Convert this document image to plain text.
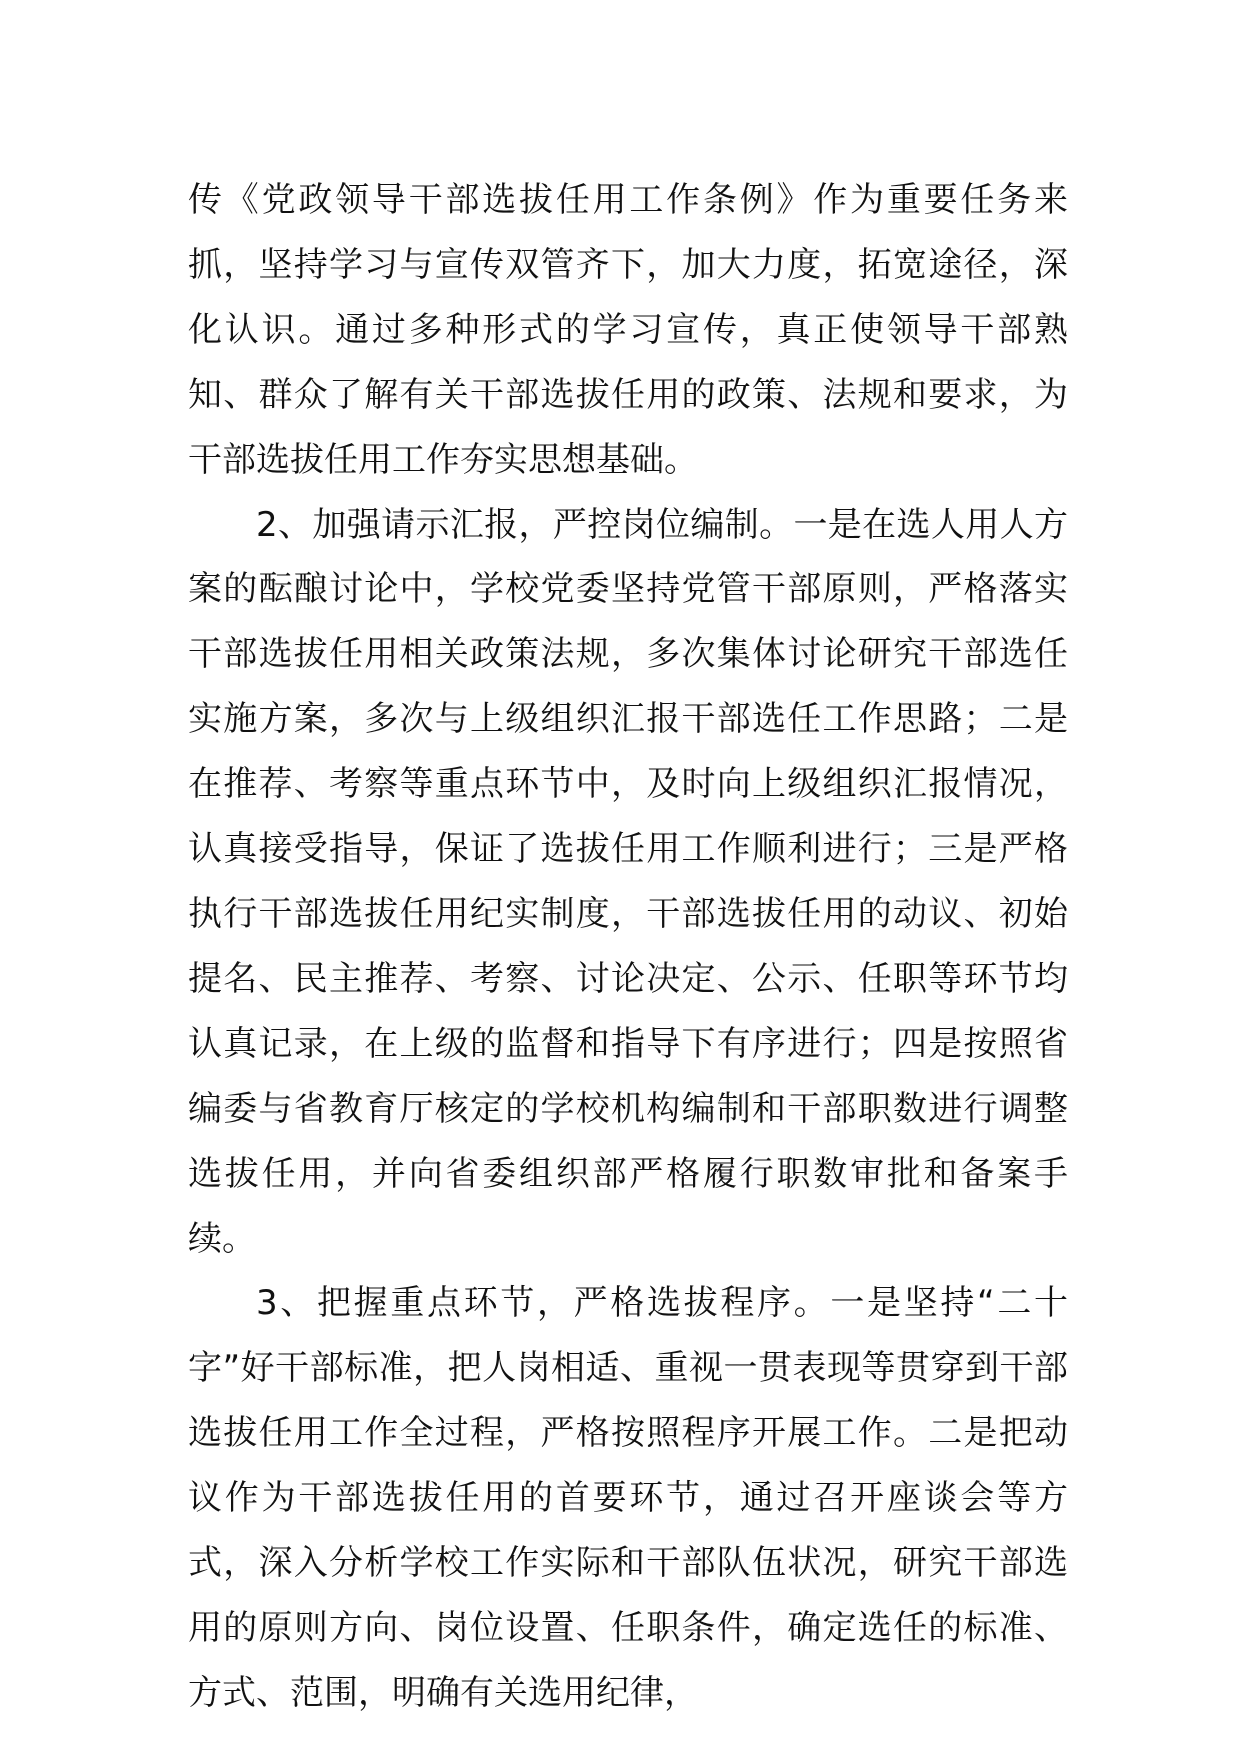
传《党政领导干部选拔任用工作条例》作为重要任务来抓，坚持学习与宣传双管齐下，加大力度，拓宽途径，深化认识。通过多种形式的学习宣传，真正使领导干部熟知、群众了解有关干部选拔任用的政策、法规和要求，为干部选拔任用工作夯实思想基础。

2、加强请示汇报，严控岗位编制。一是在选人用人方案的酝酿讨论中，学校党委坚持党管干部原则，严格落实干部选拔任用相关政策法规，多次集体讨论研究干部选任实施方案，多次与上级组织汇报干部选任工作思路；二是在推荐、考察等重点环节中，及时向上级组织汇报情况，认真接受指导，保证了选拔任用工作顺利进行；三是严格执行干部选拔任用纪实制度，干部选拔任用的动议、初始提名、民主推荐、考察、讨论决定、公示、任职等环节均认真记录，在上级的监督和指导下有序进行；四是按照省编委与省教育厅核定的学校机构编制和干部职数进行调整选拔任用，并向省委组织部严格履行职数审批和备案手续。

3、把握重点环节，严格选拔程序。一是坚持“二十字”好干部标准，把人岗相适、重视一贯表现等贯穿到干部选拔任用工作全过程，严格按照程序开展工作。二是把动议作为干部选拔任用的首要环节，通过召开座谈会等方式，深入分析学校工作实际和干部队伍状况，研究干部选用的原则方向、岗位设置、任职条件，确定选任的标准、方式、范围，明确有关选用纪律，
